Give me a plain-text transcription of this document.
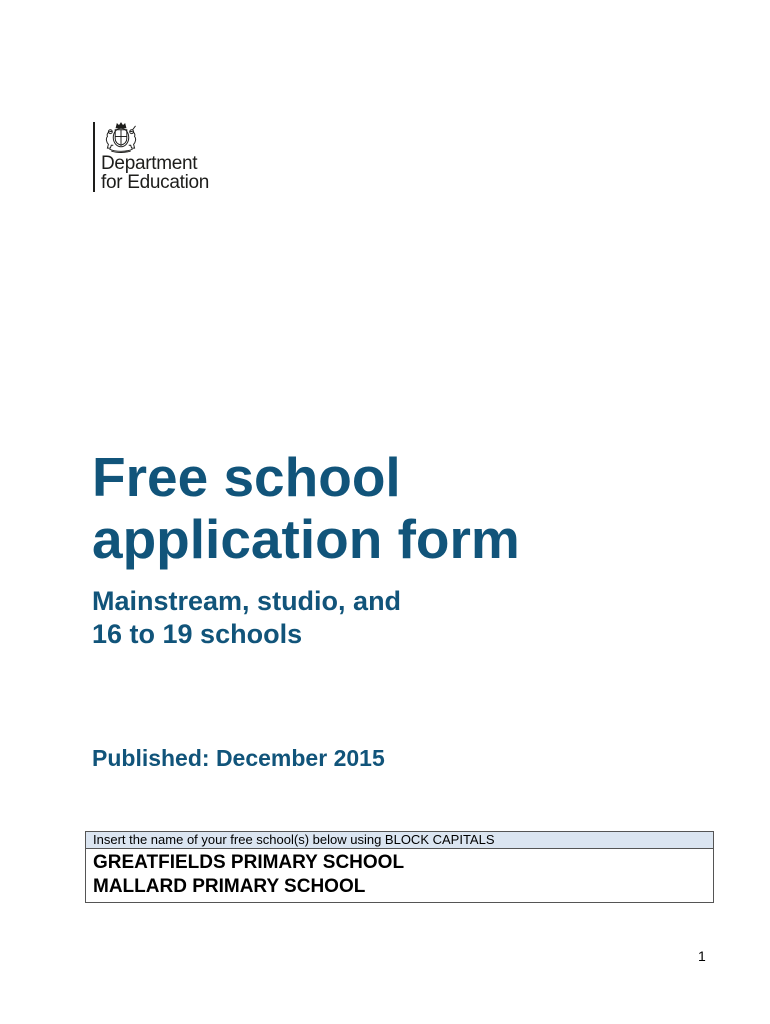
Department
for Education
Free school
application form
Mainstream, studio, and
16 to 19 schools
Published: December 2015
Insert the name of your free school(s) below using BLOCK CAPITALS
GREATFIELDS PRIMARY SCHOOL
MALLARD PRIMARY SCHOOL
1
